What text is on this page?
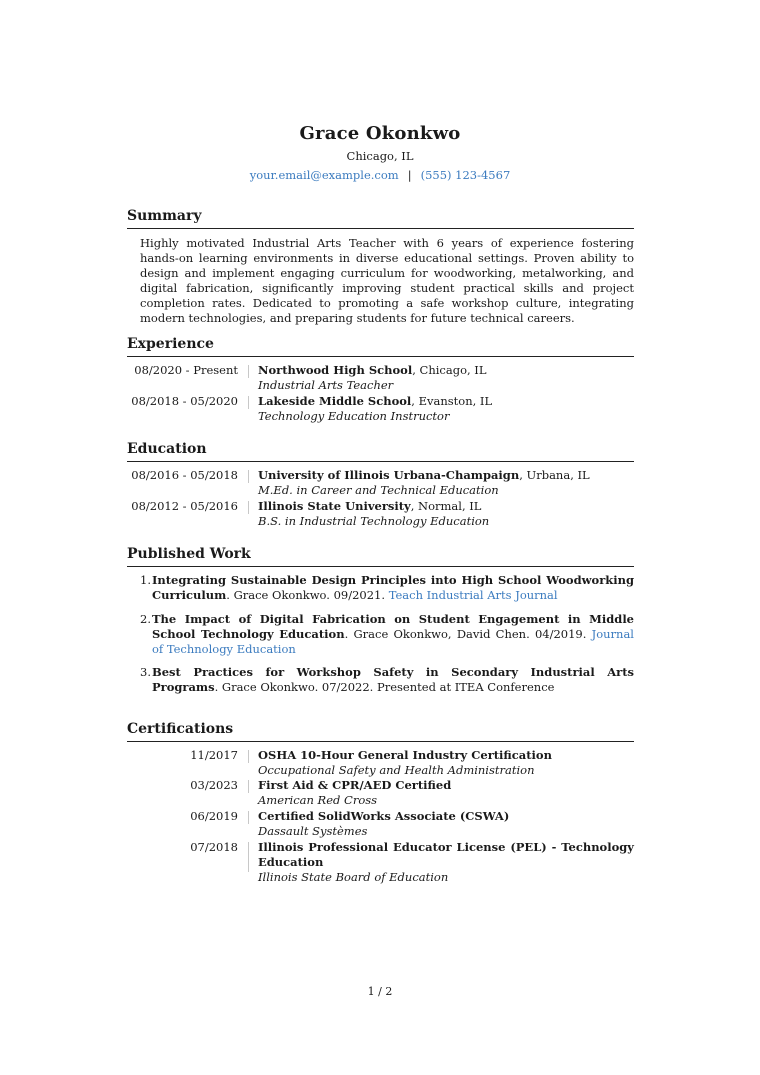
Grace Okonkwo
Chicago, IL
your.email@example.com | (555) 123-4567
Summary
Highly motivated Industrial Arts Teacher with 6 years of experience fostering hands-on learning environments in diverse educational settings. Proven ability to design and implement engaging curriculum for woodworking, metalworking, and digital fabrication, significantly improving student practical skills and project completion rates. Dedicated to promoting a safe workshop culture, integrating modern technologies, and preparing students for future technical careers.
Experience
08/2020 - Present Northwood High School, Chicago, IL
Industrial Arts Teacher
08/2018 - 05/2020 Lakeside Middle School, Evanston, IL
Technology Education Instructor
Education
08/2016 - 05/2018 University of Illinois Urbana-Champaign, Urbana, IL
M.Ed. in Career and Technical Education
08/2012 - 05/2016 Illinois State University, Normal, IL
B.S. in Industrial Technology Education
Published Work
1. Integrating Sustainable Design Principles into High School Woodworking Curriculum. Grace Okonkwo. 09/2021. Teach Industrial Arts Journal
2. The Impact of Digital Fabrication on Student Engagement in Middle School Technology Education. Grace Okonkwo, David Chen. 04/2019. Journal of Technology Education
3. Best Practices for Workshop Safety in Secondary Industrial Arts Programs. Grace Okonkwo. 07/2022. Presented at ITEA Conference
Certifications
11/2017 OSHA 10-Hour General Industry Certification
Occupational Safety and Health Administration
03/2023 First Aid & CPR/AED Certified
American Red Cross
06/2019 Certified SolidWorks Associate (CSWA)
Dassault Systèmes
07/2018 Illinois Professional Educator License (PEL) - Technology Education
Illinois State Board of Education
1 / 2
